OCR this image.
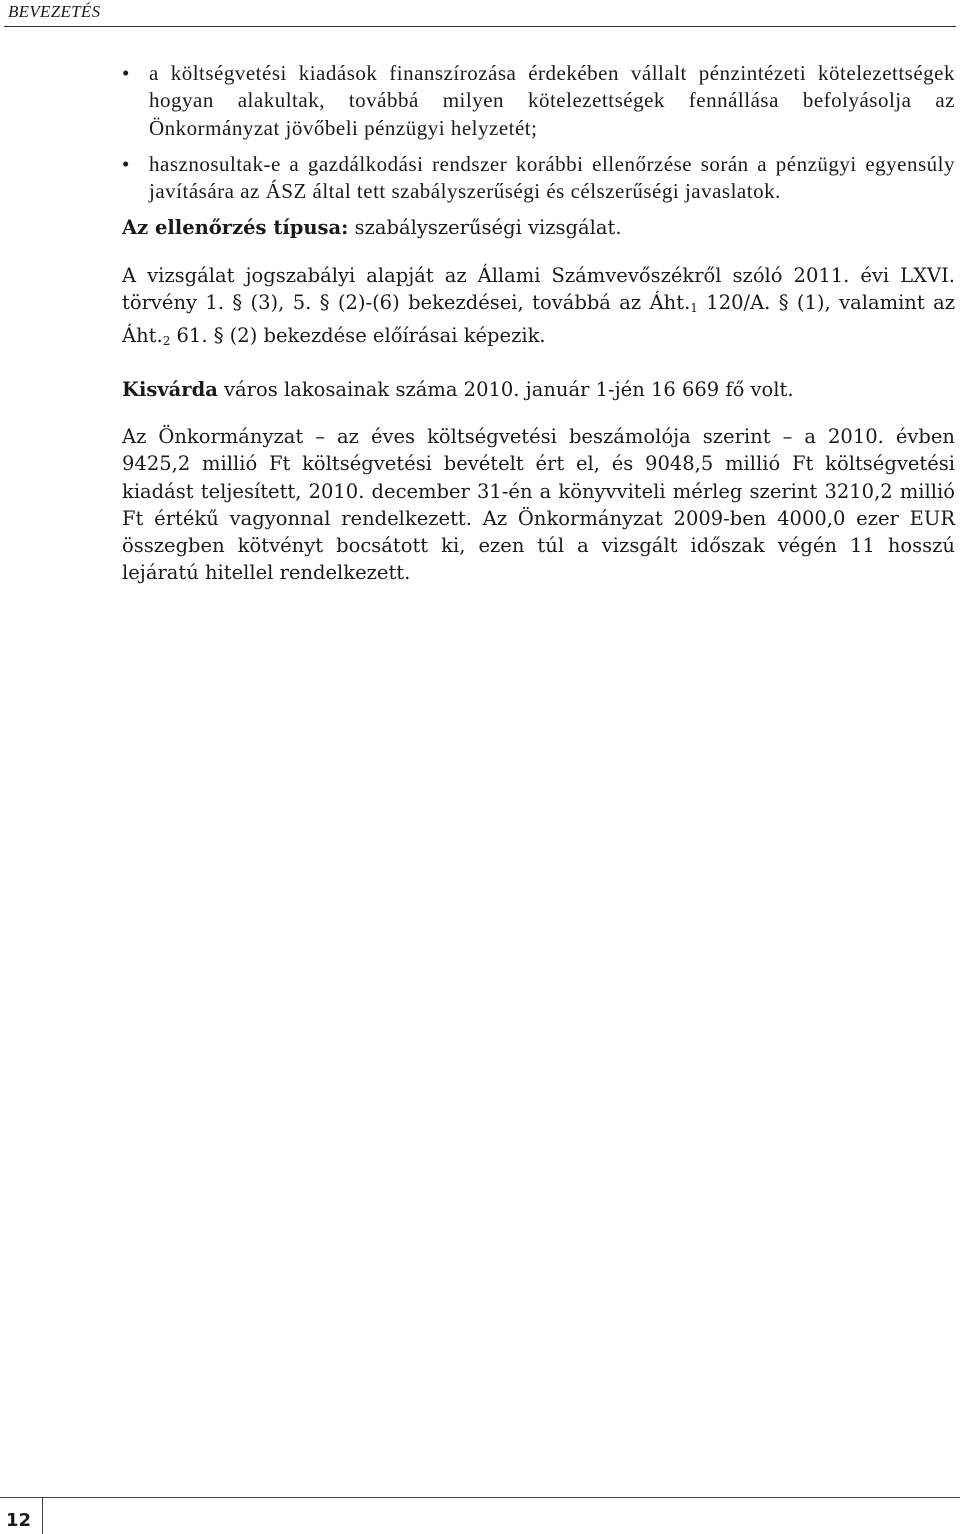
BEVEZETÉS
• a költségvetési kiadások finanszírozása érdekében vállalt pénzintézeti kötelezettségek hogyan alakultak, továbbá milyen kötelezettségek fennállása befolyásolja az Önkormányzat jövőbeli pénzügyi helyzetét;
• hasznosultak-e a gazdálkodási rendszer korábbi ellenőrzése során a pénzügyi egyensúly javítására az ÁSZ által tett szabályszerűségi és célszerűségi javaslatok.

Az ellenőrzés típusa: szabályszerűségi vizsgálat.

A vizsgálat jogszabályi alapját az Állami Számvevőszékről szóló 2011. évi LXVI. törvény 1. § (3), 5. § (2)-(6) bekezdései, továbbá az $Áht._1$ 120/A. § (1), valamint az $Áht._2$ 61. § (2) bekezdése előírásai képezik.

Kisvárda város lakosainak száma 2010. január 1-jén 16 669 fő volt.

Az Önkormányzat – az éves költségvetési beszámolója szerint – a 2010. évben 9425,2 millió Ft költségvetési bevételt ért el, és 9048,5 millió Ft költségvetési kiadást teljesített, 2010. december 31-én a könyvviteli mérleg szerint 3210,2 millió Ft értékű vagyonnal rendelkezett. Az Önkormányzat 2009-ben 4000,0 ezer EUR összegben kötvényt bocsátott ki, ezen túl a vizsgált időszak végén 11 hosszú lejáratú hitellel rendelkezett.

12
